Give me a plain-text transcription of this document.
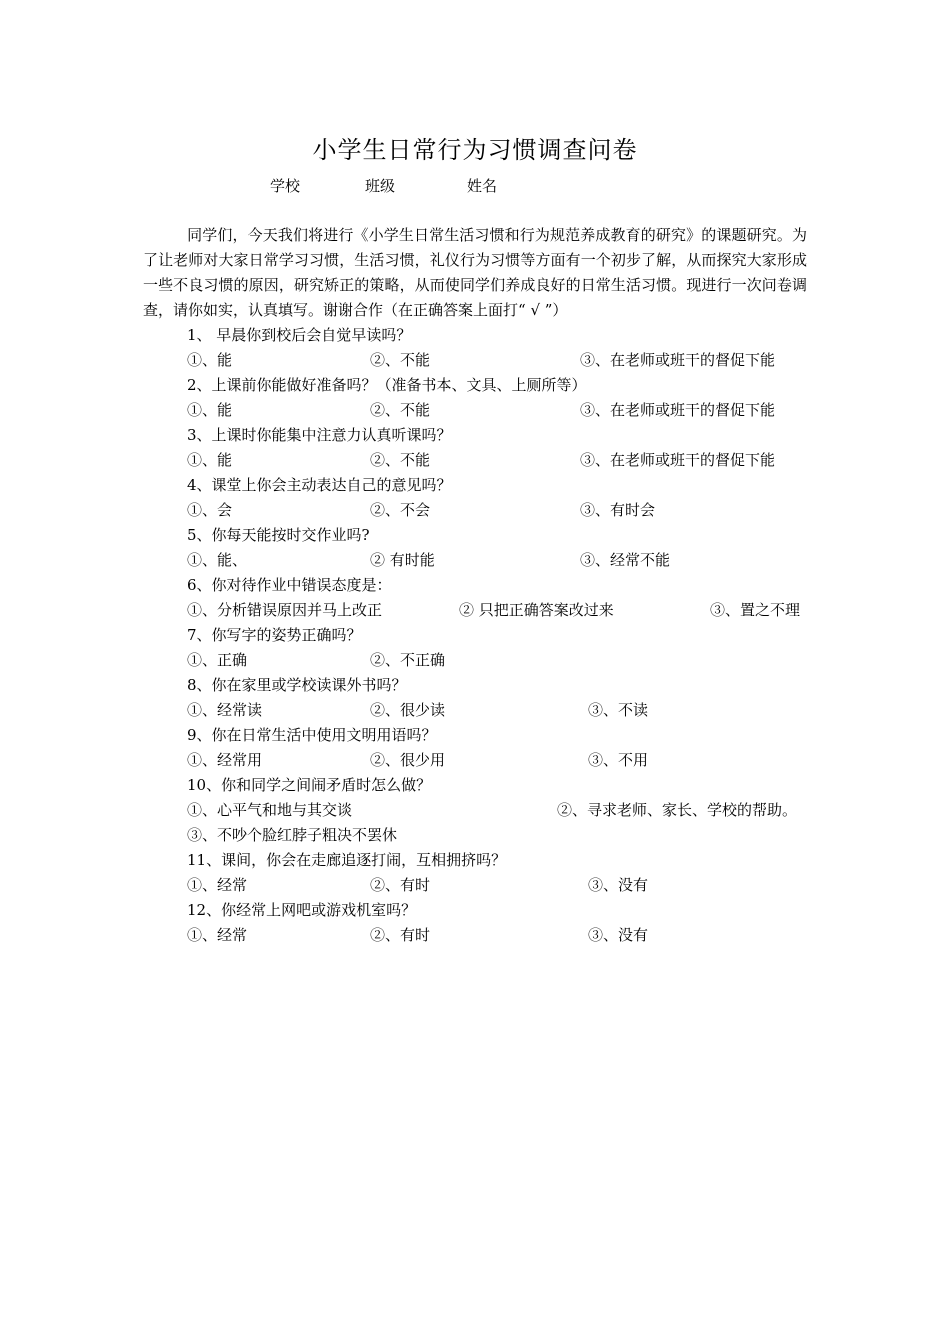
小学生日常行为习惯调查问卷
学校	班级	姓名
同学们，今天我们将进行《小学生日常生活习惯和行为规范养成教育的研究》的课题研究。为了让老师对大家日常学习习惯，生活习惯，礼仪行为习惯等方面有一个初步了解，从而探究大家形成一些不良习惯的原因，研究矫正的策略，从而使同学们养成良好的日常生活习惯。现进行一次问卷调查，请你如实，认真填写。谢谢合作（在正确答案上面打“ √ ”）
1、 早晨你到校后会自觉早读吗？
①、能	②、不能	③、在老师或班干的督促下能
2、上课前你能做好准备吗？（准备书本、文具、上厕所等）
①、能	②、不能	③、在老师或班干的督促下能
3、上课时你能集中注意力认真听课吗？
①、能	②、不能	③、在老师或班干的督促下能
4、课堂上你会主动表达自己的意见吗？
①、会	②、不会	③、有时会
5、你每天能按时交作业吗?
①、能、	② 有时能	③、经常不能
6、你对待作业中错误态度是：
①、分析错误原因并马上改正	② 只把正确答案改过来	③、置之不理
7、你写字的姿势正确吗？
①、正确	②、不正确
8、你在家里或学校读课外书吗？
①、经常读	②、很少读	③、不读
9、你在日常生活中使用文明用语吗？
①、经常用	②、很少用	③、不用
10、你和同学之间闹矛盾时怎么做？
①、心平气和地与其交谈	②、寻求老师、家长、学校的帮助。
③、不吵个脸红脖子粗决不罢休
11、课间，你会在走廊追逐打闹，互相拥挤吗？
①、经常	②、有时	③、没有
12、你经常上网吧或游戏机室吗？
①、经常	②、有时	③、没有
